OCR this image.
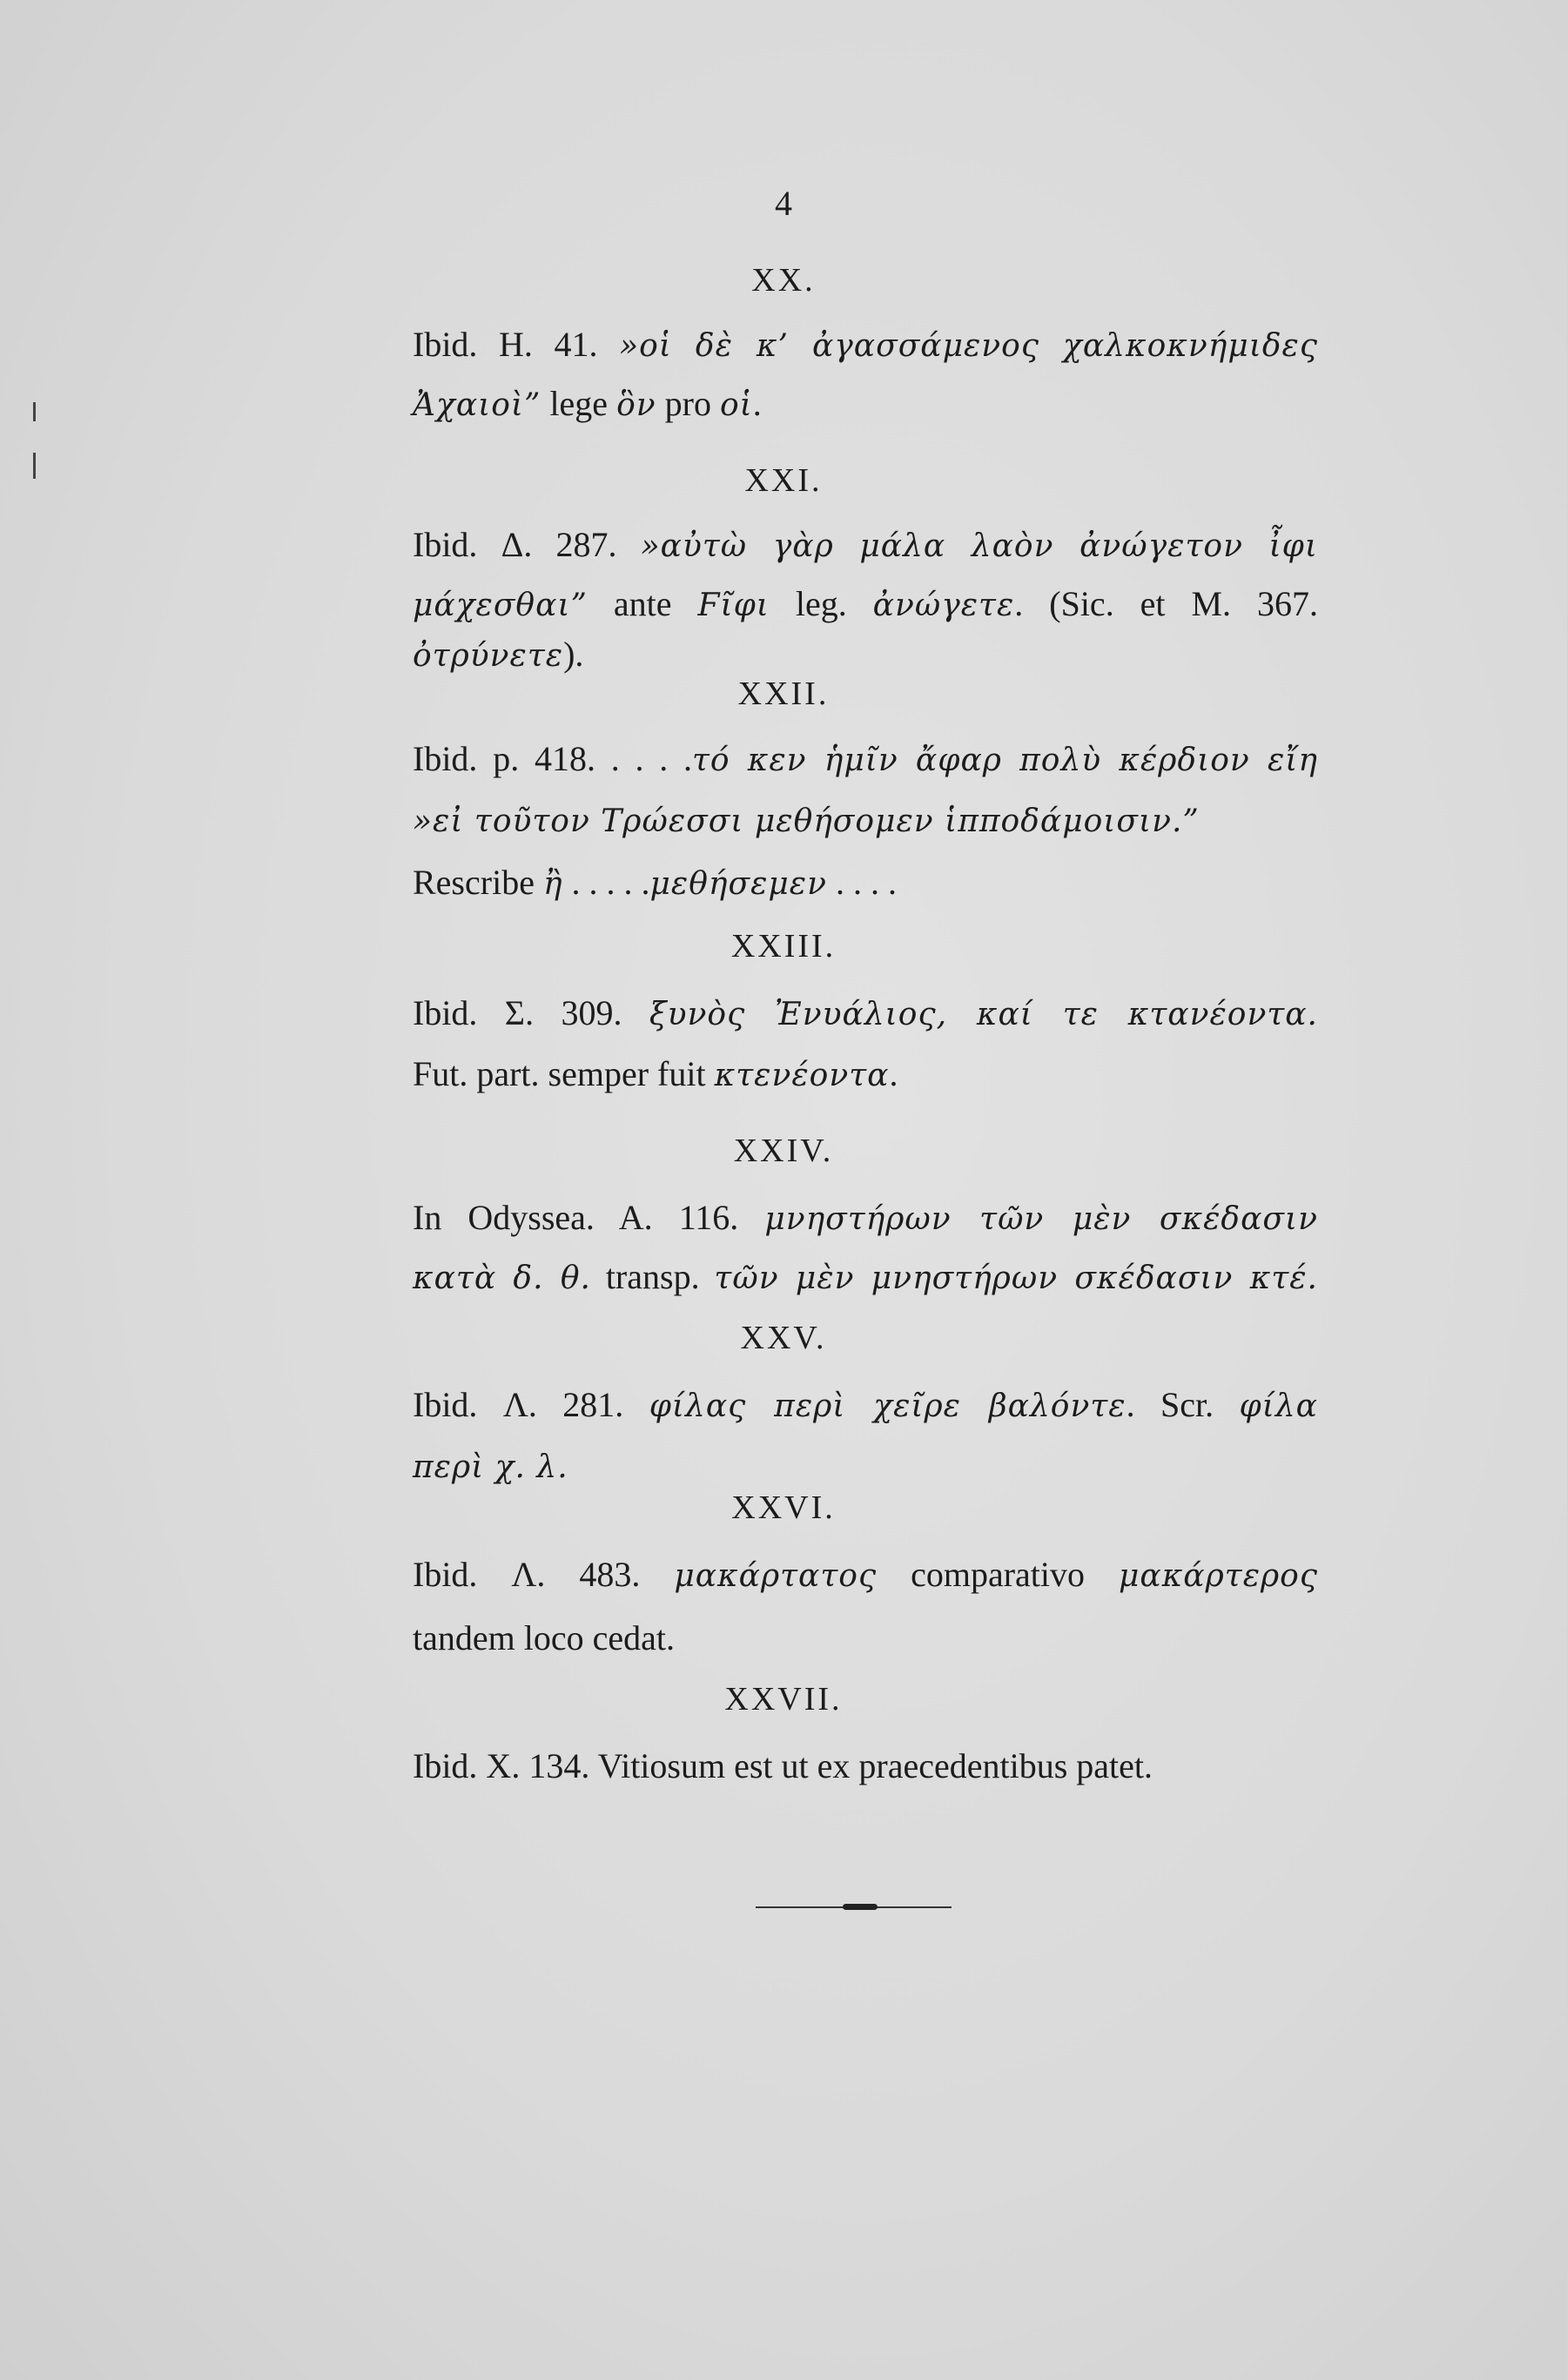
4
XX.
Ibid. H. 41. »οἱ δὲ κ’ ἀγασσάμενος χαλκοκνήμιδες
Ἀχαιοὶ” lege ὃν pro οἱ.
XXI.
Ibid. Δ. 287. »αὐτὼ γὰρ μάλα λαὸν ἀνώγετον ἶφι
μάχεσθαι” ante Ϝῖφι leg. ἀνώγετε. (Sic. et M. 367.
ὀτρύνετε).
XXII.
Ibid. p. 418. . . . .τό κεν ἡμῖν ἄφαρ πολὺ κέρδιον εἴη
»εἰ τοῦτον Τρώεσσι μεθήσομεν ἱπποδάμοισιν.”
Rescribe ἢ . . . . .μεθήσεμεν . . . .
XXIII.
Ibid. Σ. 309. ξυνὸς Ἐνυάλιος, καί τε κτανέοντα.
Fut. part. semper fuit κτενέοντα.
XXIV.
In Odyssea. A. 116. μνηστήρων τῶν μὲν σκέδασιν
κατὰ δ. θ. transp. τῶν μὲν μνηστήρων σκέδασιν κτέ.
XXV.
Ibid. Λ. 281. φίλας περὶ χεῖρε βαλόντε. Scr. φίλα
περὶ χ. λ.
XXVI.
Ibid. Λ. 483. μακάρτατος comparativo μακάρτερος
tandem loco cedat.
XXVII.
Ibid. X. 134. Vitiosum est ut ex praecedentibus patet.
